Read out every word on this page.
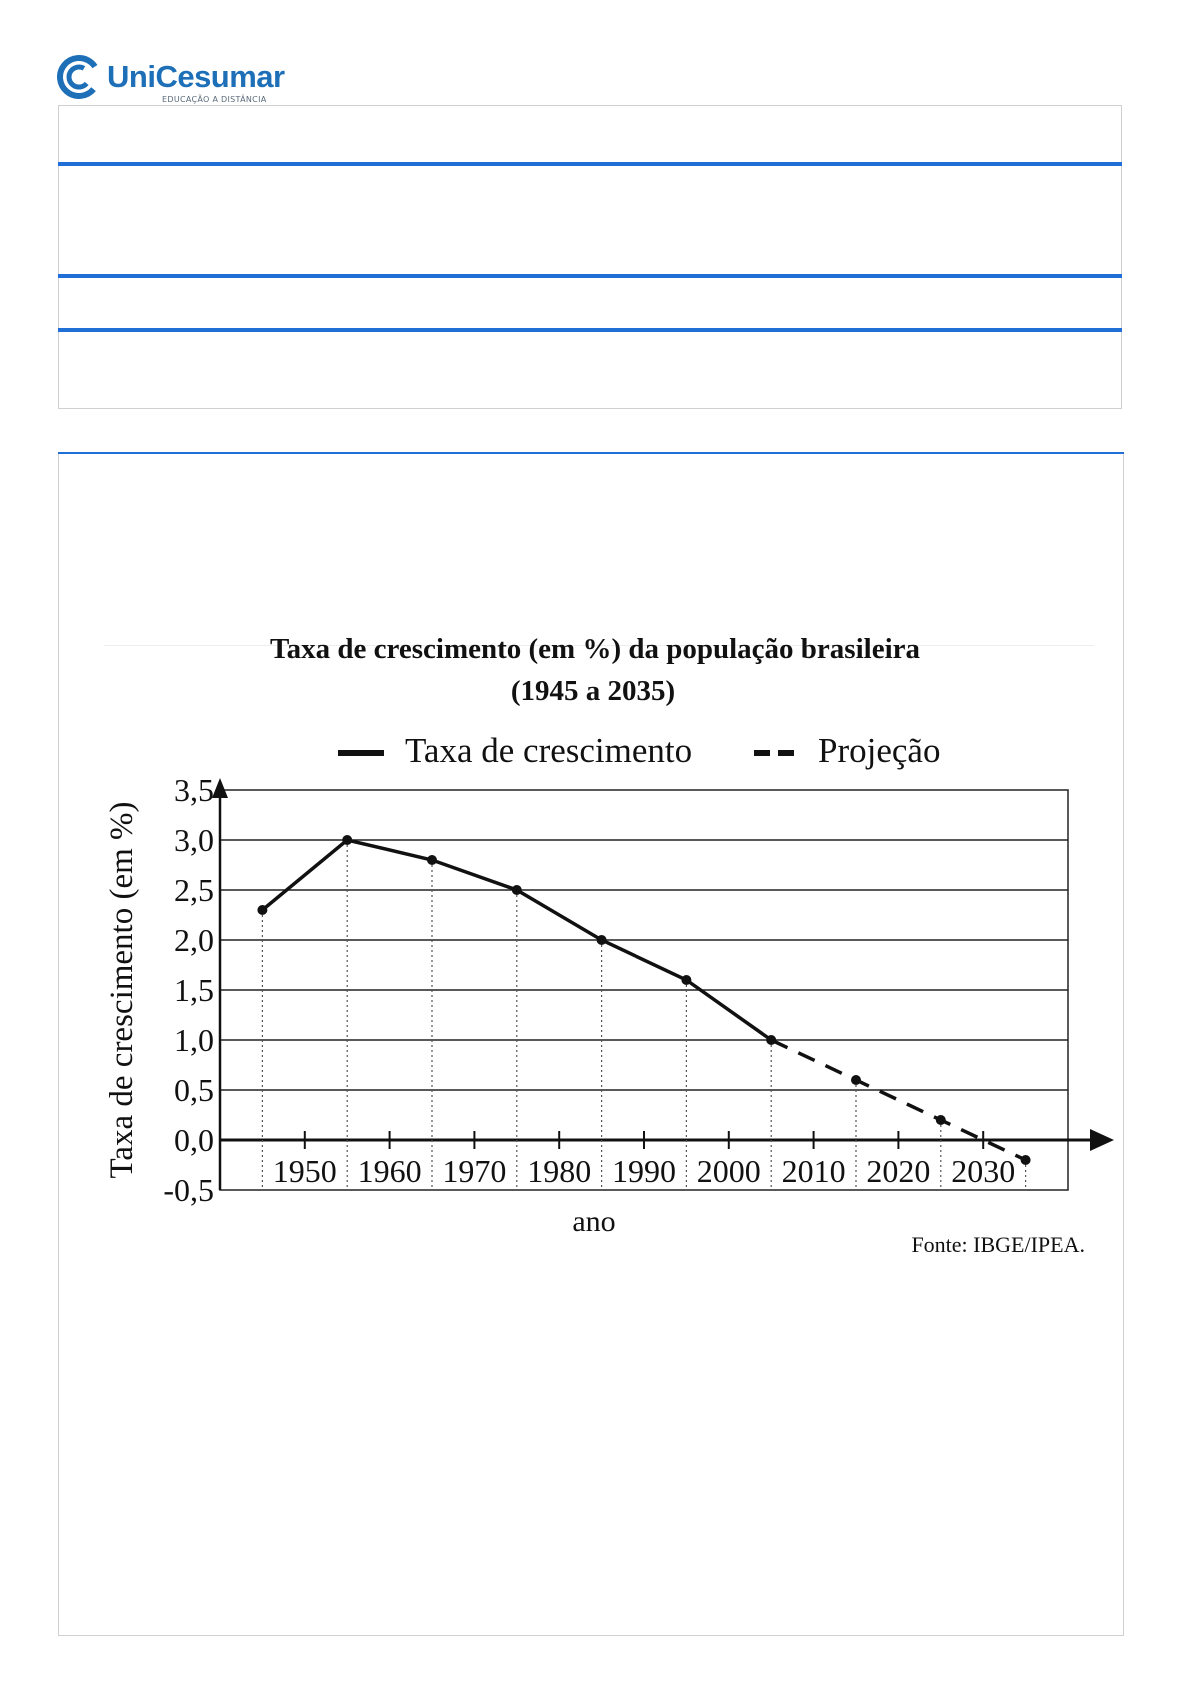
UniCesumar
EDUCAÇÃO A DISTÂNCIA
Taxa de crescimento (em %) da população brasileira
(1945 a 2035)
Taxa de crescimento	Projeção
Taxa de crescimento (em %)
ano
Fonte: IBGE/IPEA.
3,5
3,0
2,5
2,0
1,5
1,0
0,5
0,0
-0,5
1950 1960 1970 1980 1990 2000 2010 2020 2030
